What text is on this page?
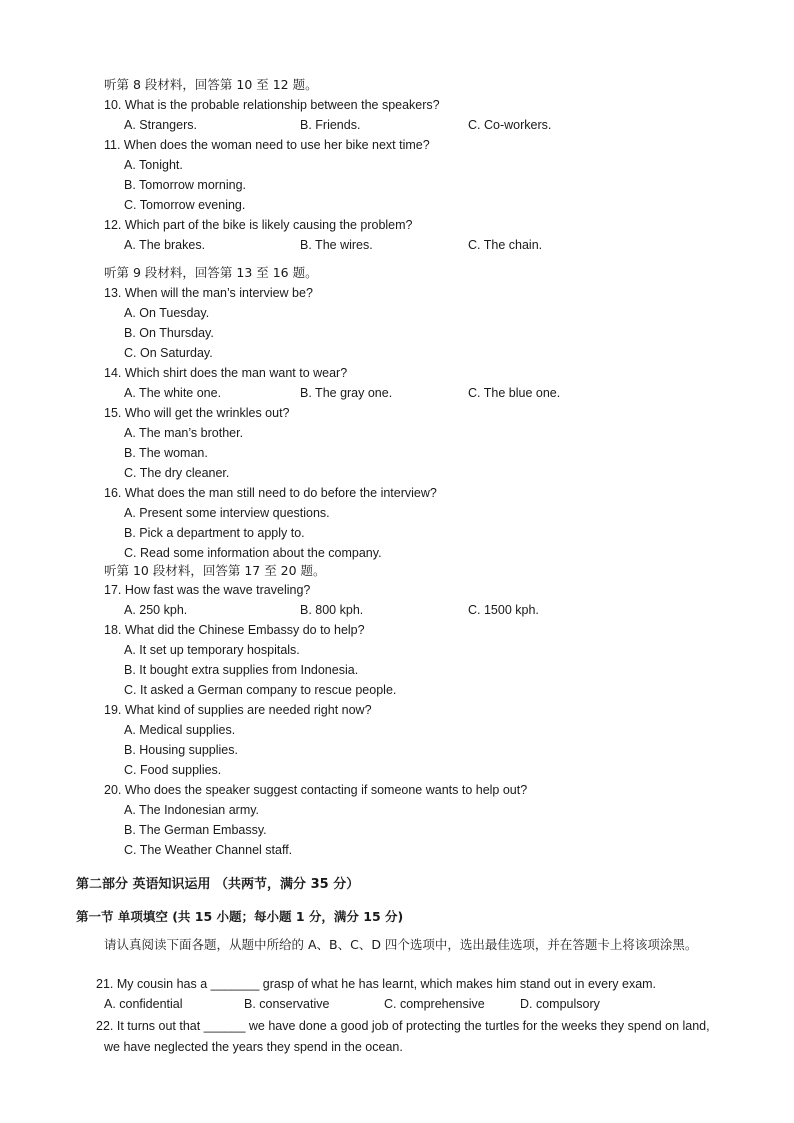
听第 8 段材料，回答第 10 至 12 题。
10. What is the probable relationship between the speakers?
A. Strangers.	B. Friends.	C. Co-workers.
11. When does the woman need to use her bike next time?
A. Tonight.
B. Tomorrow morning.
C. Tomorrow evening.
12. Which part of the bike is likely causing the problem?
A. The brakes.	B. The wires.	C. The chain.
听第 9 段材料，回答第 13 至 16 题。
13. When will the man’s interview be?
A. On Tuesday.
B. On Thursday.
C. On Saturday.
14. Which shirt does the man want to wear?
A. The white one.	B. The gray one.	C. The blue one.
15. Who will get the wrinkles out?
A. The man’s brother.
B. The woman.
C. The dry cleaner.
16. What does the man still need to do before the interview?
A. Present some interview questions.
B. Pick a department to apply to.
C. Read some information about the company.
听第 10 段材料，回答第 17 至 20 题。
17. How fast was the wave traveling?
A. 250 kph.	B. 800 kph.	C. 1500 kph.
18. What did the Chinese Embassy do to help?
A. It set up temporary hospitals.
B. It bought extra supplies from Indonesia.
C. It asked a German company to rescue people.
19. What kind of supplies are needed right now?
A. Medical supplies.
B. Housing supplies.
C. Food supplies.
20. Who does the speaker suggest contacting if someone wants to help out?
A. The Indonesian army.
B. The German Embassy.
C. The Weather Channel staff.
第二部分 英语知识运用 （共两节，满分 35 分）
第一节 单项填空 (共 15 小题；每小题 1 分，满分 15 分)
请认真阅读下面各题，从题中所给的 A、B、C、D 四个选项中，选出最佳选项，并在答题卡上将该项涂黑。
21. My cousin has a _______ grasp of what he has learnt, which makes him stand out in every exam.
A. confidential	B. conservative	C. comprehensive	D. compulsory
22. It turns out that ______ we have done a good job of protecting the turtles for the weeks they spend on land,
we have neglected the years they spend in the ocean.
